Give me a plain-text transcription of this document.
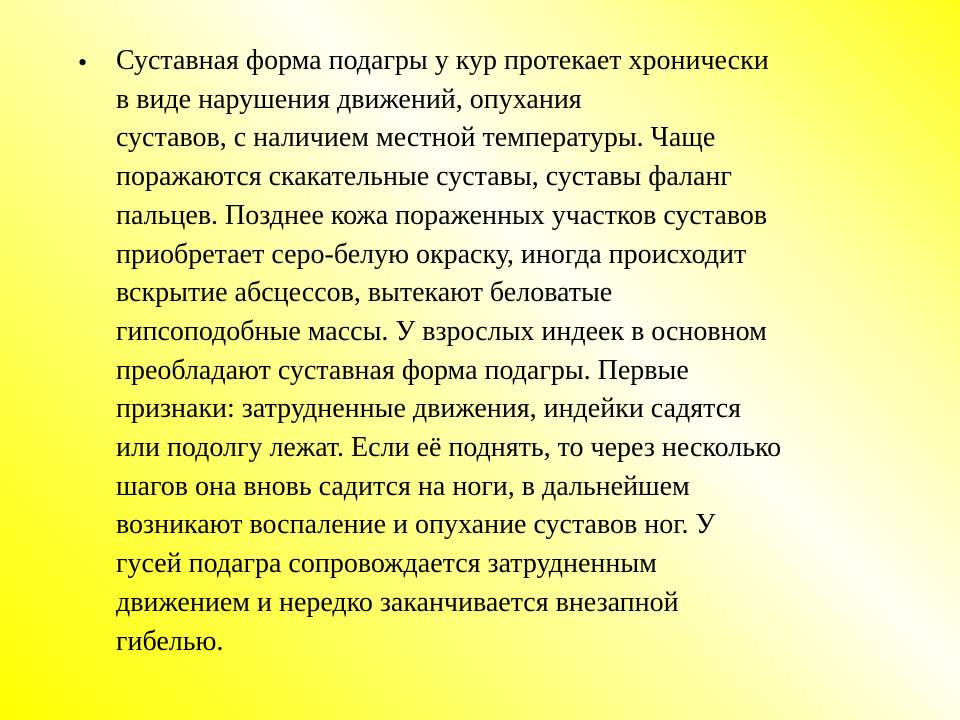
• Суставная форма подагры у кур протекает хронически
в виде нарушения движений, опухания
суставов, с наличием местной температуры. Чаще
поражаются скакательные суставы, суставы фаланг
пальцев. Позднее кожа пораженных участков суставов
приобретает серо-белую окраску, иногда происходит
вскрытие абсцессов, вытекают беловатые
гипсоподобные массы. У взрослых индеек в основном
преобладают суставная форма подагры. Первые
признаки: затрудненные движения, индейки садятся
или подолгу лежат. Если её поднять, то через несколько
шагов она вновь садится на ноги, в дальнейшем
возникают воспаление и опухание суставов ног. У
гусей подагра сопровождается затрудненным
движением и нередко заканчивается внезапной
гибелью.
